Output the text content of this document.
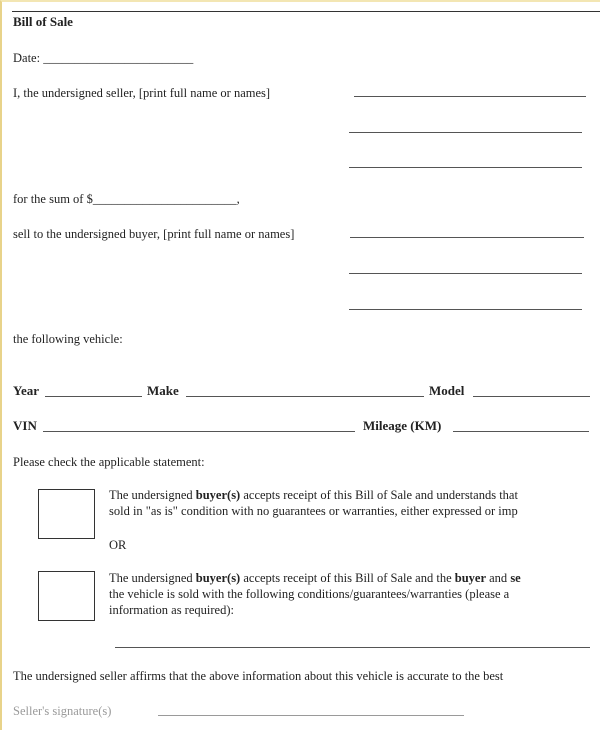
Bill of Sale
Date: ________________________
I, the undersigned seller, [print full name or names]
for the sum of $_______________________,
sell to the undersigned buyer, [print full name or names]
the following vehicle:
Year	Make	Model
VIN	Mileage (KM)
Please check the applicable statement:
The undersigned buyer(s) accepts receipt of this Bill of Sale and understands that
sold in "as is" condition with no guarantees or warranties, either expressed or imp
OR
The undersigned buyer(s) accepts receipt of this Bill of Sale and the buyer and se
the vehicle is sold with the following conditions/guarantees/warranties (please a
information as required):
The undersigned seller affirms that the above information about this vehicle is accurate to the best
Seller's signature(s)
